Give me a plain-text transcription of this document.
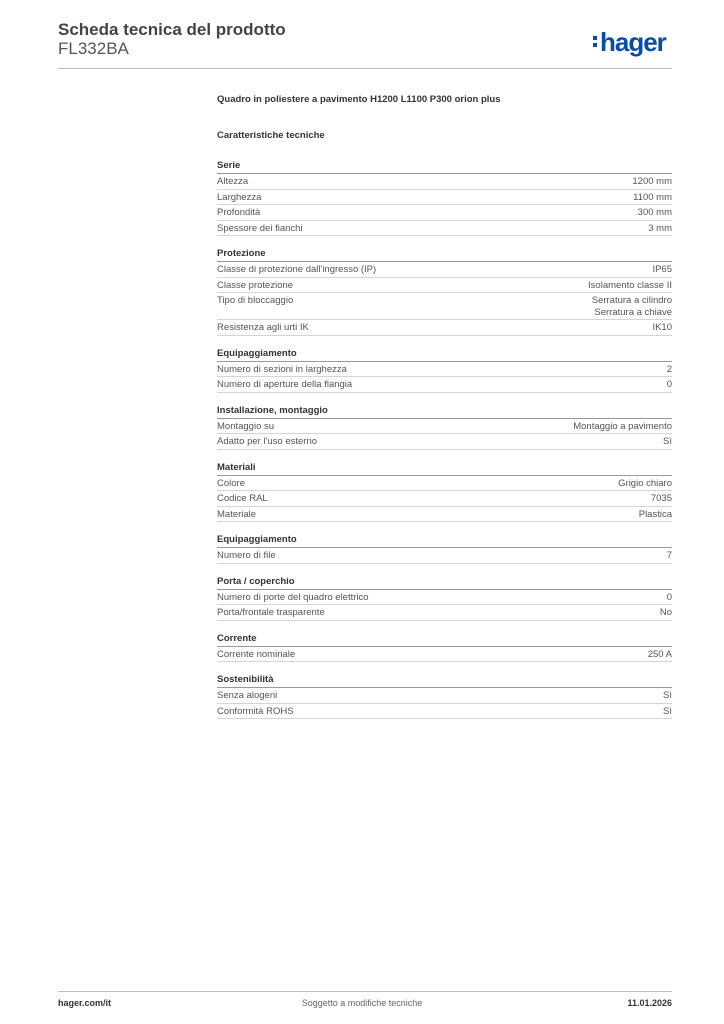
Scheda tecnica del prodotto
FL332BA	hager
Quadro in poliestere a pavimento H1200 L1100 P300 orion plus
Caratteristiche tecniche
Serie
Altezza	1200 mm
Larghezza	1100 mm
Profondità	300 mm
Spessore dei fianchi	3 mm
Protezione
Classe di protezione dall'ingresso (IP)	IP65
Classe protezione	Isolamento classe II
Tipo di bloccaggio	Serratura a cilindro
Serratura a chiave
Resistenza agli urti IK	IK10
Equipaggiamento
Numero di sezioni in larghezza	2
Numero di aperture della flangia	0
Installazione, montaggio
Montaggio su	Montaggio a pavimento
Adatto per l'uso esterno	Sì
Materiali
Colore	Grigio chiaro
Codice RAL	7035
Materiale	Plastica
Equipaggiamento
Numero di file	7
Porta / coperchio
Numero di porte del quadro elettrico	0
Porta/frontale trasparente	No
Corrente
Corrente nominale	250 A
Sostenibilità
Senza alogeni	Sì
Conformità ROHS	Sì
hager.com/it	Soggetto a modifiche tecniche	11.01.2026
